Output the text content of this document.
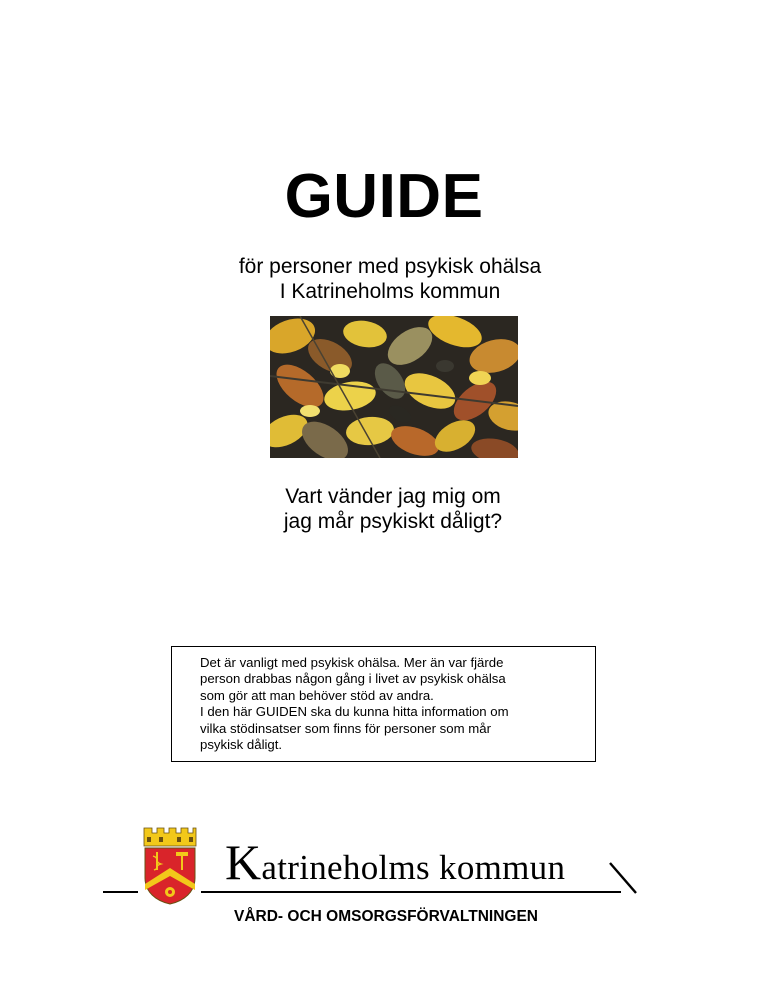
GUIDE
för personer med psykisk ohälsa
I Katrineholms kommun
Vart vänder jag mig om
jag mår psykiskt dåligt?
Det är vanligt med psykisk ohälsa. Mer än var fjärde
person drabbas någon gång i livet av psykisk ohälsa
som gör att man behöver stöd av andra.
I den här GUIDEN ska du kunna hitta information om
vilka stödinsatser som finns för personer som mår
psykisk dåligt.
Katrineholms kommun
VÅRD- OCH OMSORGSFÖRVALTNINGEN
